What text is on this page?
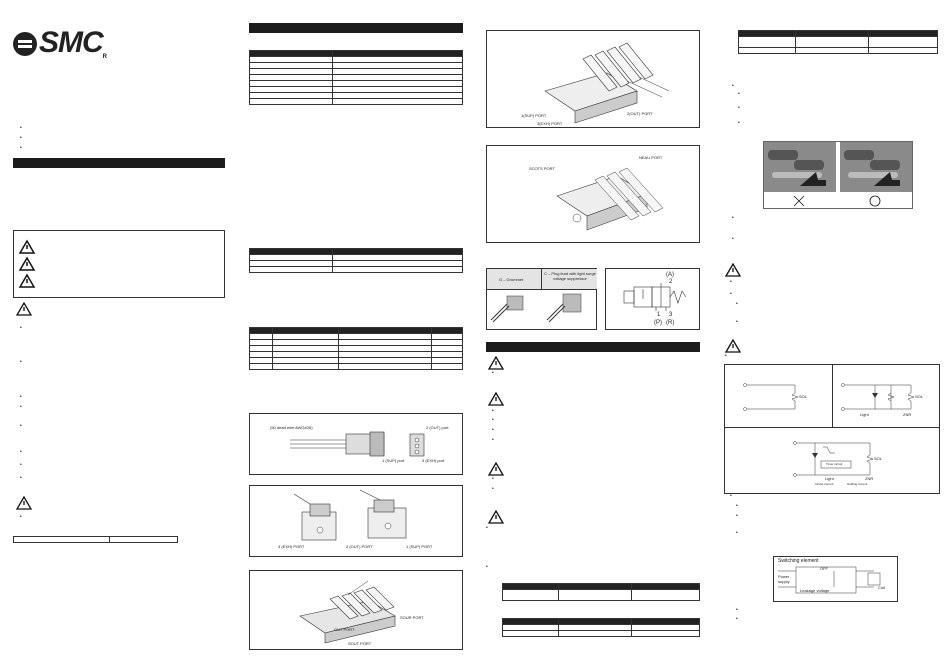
SMCR
•
•
•
•
•
•
•
•
•
•
•
•

(50 dead wire AWG#26)	2 (OUT) port
1 (SUP) port	3 (EXH) port
3 (EXH) PORT	2 (OUT) PORT	1 (SUP) PORT
SOUR PORT
OUT PORT
SOUT PORT
1(SUP) PORT	2(OUT) PORT
3(EXH) PORT
SCOTS PORT
NEAU PORT
G – Grommet
C – Plug lead with light surge voltage suppressor
(A)
2
1 3
(P) (R)
•
•
•
•
•
•
•
•
•

•
•
•
•
•
•
•
•
•
•
•
SOL	SOL
Light	ZNR
SOL
Timer circuit
Light	ZNR
Inrush current	Holding current
•
•
•
•
Switching element
OFF
Power supply
Leakage voltage
Coil
•
•
